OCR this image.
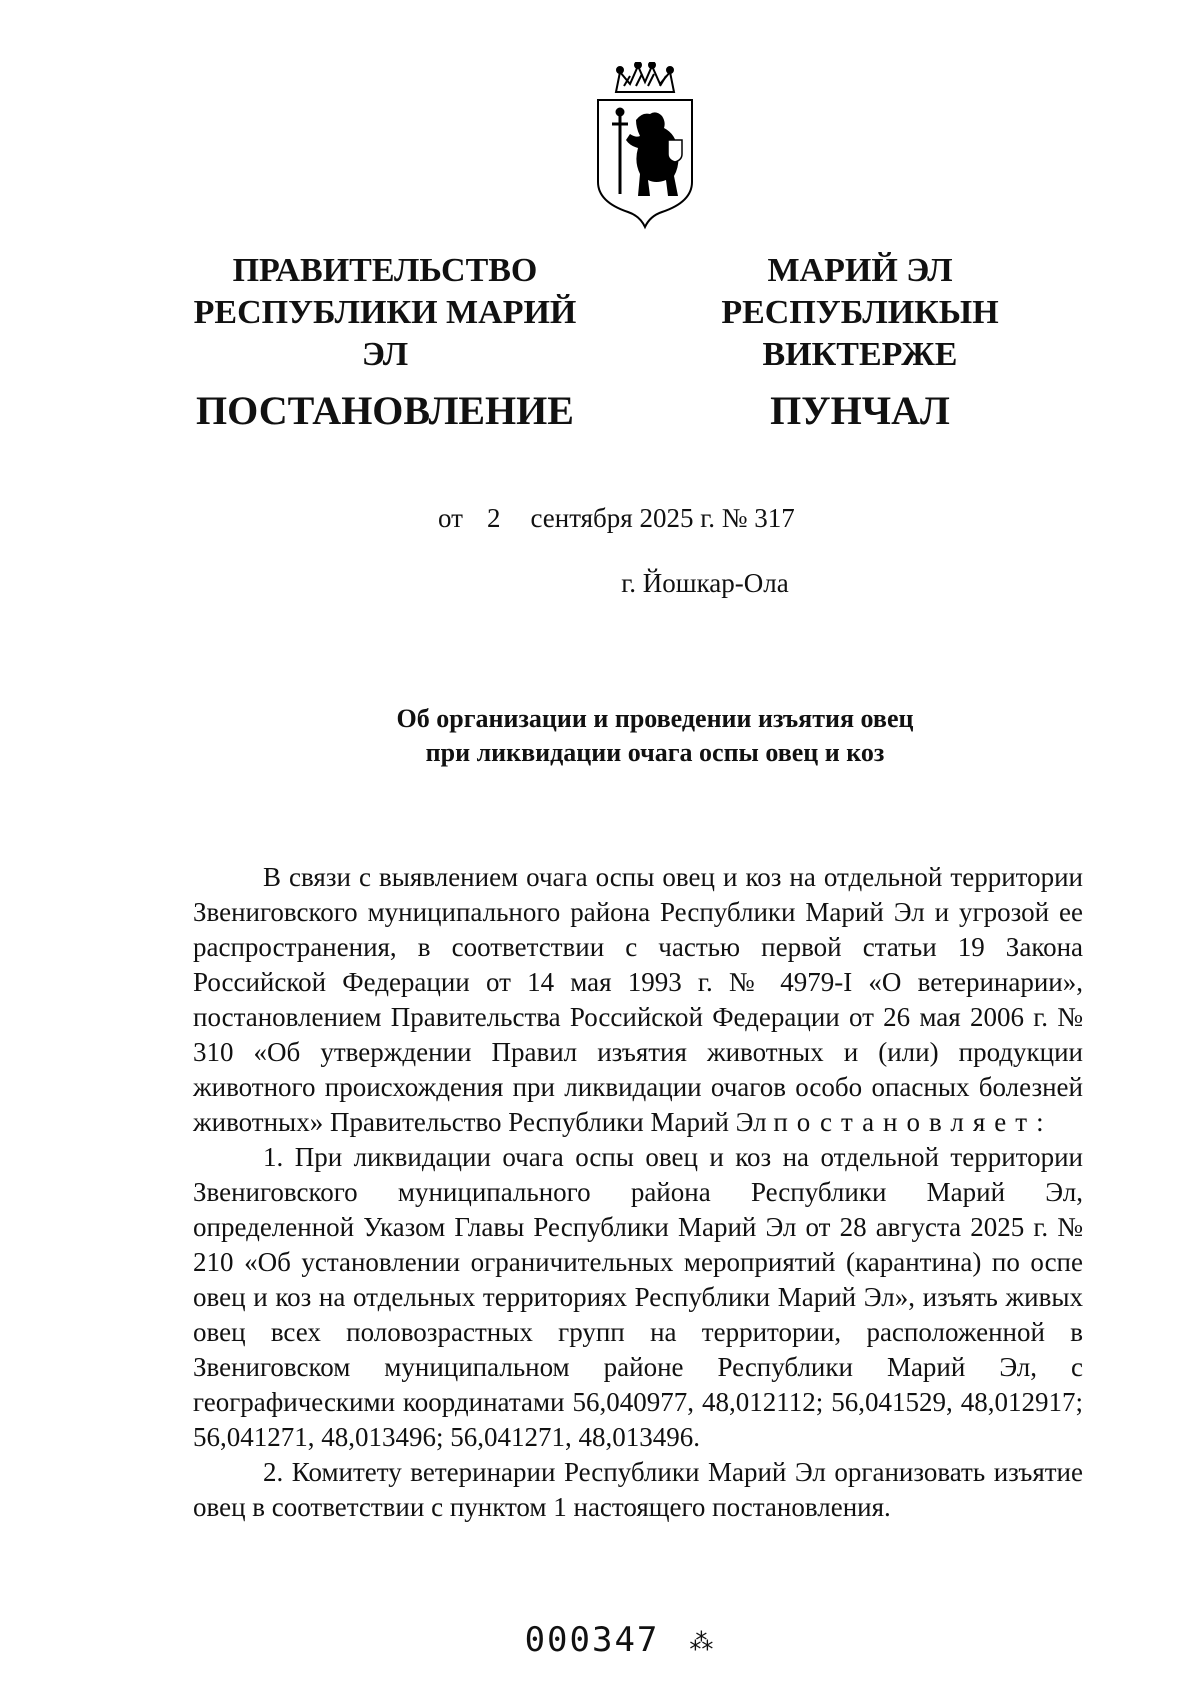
ПРАВИТЕЛЬСТВО
РЕСПУБЛИКИ МАРИЙ ЭЛ
ПОСТАНОВЛЕНИЕ
МАРИЙ ЭЛ РЕСПУБЛИКЫН
ВИКТЕРЖЕ
ПУНЧАЛ
от 2 сентября 2025 г. № 317
г. Йошкар-Ола
Об организации и проведении изъятия овец
при ликвидации очага оспы овец и коз

В связи с выявлением очага оспы овец и коз на отдельной территории Звениговского муниципального района Республики Марий Эл и угрозой ее распространения, в соответствии с частью первой статьи 19 Закона Российской Федерации от 14 мая 1993 г. № 4979-I «О ветеринарии», постановлением Правительства Российской Федерации от 26 мая 2006 г. № 310 «Об утверждении Правил изъятия животных и (или) продукции животного происхождения при ликвидации очагов особо опасных болезней животных» Правительство Республики Марий Эл постановляет:

1. При ликвидации очага оспы овец и коз на отдельной территории Звениговского муниципального района Республики Марий Эл, определенной Указом Главы Республики Марий Эл от 28 августа 2025 г. № 210 «Об установлении ограничительных мероприятий (карантина) по оспе овец и коз на отдельных территориях Республики Марий Эл», изъять живых овец всех половозрастных групп на территории, расположенной в Звениговском муниципальном районе Республики Марий Эл, с географическими координатами 56,040977, 48,012112; 56,041529, 48,012917; 56,041271, 48,013496; 56,041271, 48,013496.

2. Комитету ветеринарии Республики Марий Эл организовать изъятие овец в соответствии с пунктом 1 настоящего постановления.

000347 ⁂
